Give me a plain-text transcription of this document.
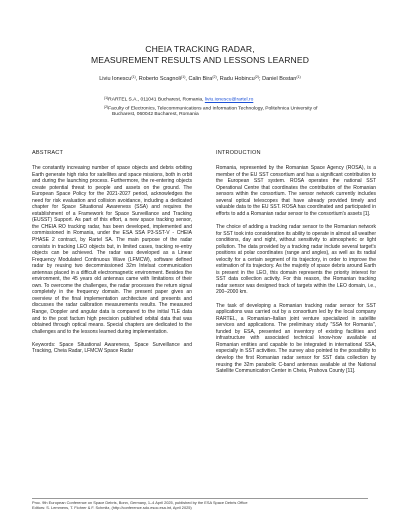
CHEIA TRACKING RADAR,
MEASUREMENT RESULTS AND LESSONS LEARNED
Liviu Ionescu$^{(1)}$, Roberto Scagnoli$^{(1)}$, Calin Bira$^{(2)}$, Radu Hobincu$^{(2)}$; Daniel Bostan$^{(1)}$
$^{(1)}$RARTEL S.A., 011041 Bucharest, Romania, liviu.ionescu@rartel.ro
$^{(2)}$Faculty of Electronics, Telecommunications and Information Technology, Politehnica University of
Bucharest, 060042 Bucharest, Romania
ABSTRACT
The constantly increasing number of space objects and debris orbiting Earth generate high risks for satellites and space missions, both in orbit and during the launching process. Furthermore, the re-entering objects create potential threat to people and assets on the ground. The European Space Policy for the 2021-2027 period, acknowledges the need for risk evaluation and collision avoidance, including a dedicated chapter for Space Situational Awareness (SSA) and requires the establishment of a Framework for Space Surveillance and Tracking (EUSST) Support. As part of this effort, a new space tracking sensor, the CHEIA RO tracking radar, has been developed, implemented and commissioned in Romania, under the ESA SSA P3-SST-V - CHEIA PHASE 2 contract, by Rartel SA. The main purpose of the radar consists in tracking LEO objects but, in limited cases, tracking re-entry objects can be achieved. The radar was developed as a Linear Frequency Modulated Continuous Wave (LFMCW), software defined radar by reusing two decommissioned 32m Intelsat communication antennas placed in a difficult electromagnetic environment. Besides the environment, the 45 years old antennas came with limitations of their own. To overcome the challenges, the radar processes the return signal completely in the frequency domain. The present paper gives an overview of the final implementation architecture and presents and discusses the radar calibration measurements results. The measured Range, Doppler and angular data is compared to the initial TLE data and to the post factum high precision published orbital data that was obtained through optical means. Special chapters are dedicated to the challenges and to the lessons learned during implementation.
Keywords: Space Situational Awareness, Space Surveillance and Tracking, Cheia Radar, LFMCW Space Radar
INTRODUCTION
Romania, represented by the Romanian Space Agency (ROSA), is a member of the EU SST consortium and has a significant contribution to the European SST system. ROSA operates the national SST Operational Centre that coordinates the contribution of the Romanian sensors within the consortium. The sensor network currently includes several optical telescopes that have already provided timely and valuable data to the EU SST. ROSA has coordinated and participated in efforts to add a Romanian radar sensor to the consortium's assets [1].
The choice of adding a tracking radar sensor to the Romanian network for SST took into consideration its ability to operate in almost all weather conditions, day and night, without sensitivity to atmospheric or light pollution. The data provided by a tracking radar include several target's positions at polar coordinates (range and angles), as well as its radial velocity for a certain segment of its trajectory, in order to improve the estimation of its trajectory. As the majority of space debris around Earth is present in the LEO, this domain represents the priority interest for SST data collection activity. For this reason, the Romanian tracking radar sensor was designed track of targets within the LEO domain, i.e., 200–2000 km.
The task of developing a Romanian tracking radar sensor for SST applications was carried out by a consortium led by the local company RARTEL, a Romanian–Italian joint venture specialized in satellite services and applications. The preliminary study "SSA for Romania", funded by ESA, presented an inventory of existing facilities and infrastructure with associated technical know-how available at Romanian entities and capable to be integrated in international SSA, especially in SST activities. The survey also pointed to the possibility to develop the first Romanian radar sensor for SST data collection by reusing the 32m parabolic C-band antennas available at the National Satellite Communication Center in Cheia, Prahova County [11].
Proc. 9th European Conference on Space Debris, Bonn, Germany, 1–4 April 2025, published by the ESA Space Debris Office
Editors: S. Lemmens, T. Flohrer & F. Schmitz, (http://conference.sdo.esoc.esa.int, April 2025)
